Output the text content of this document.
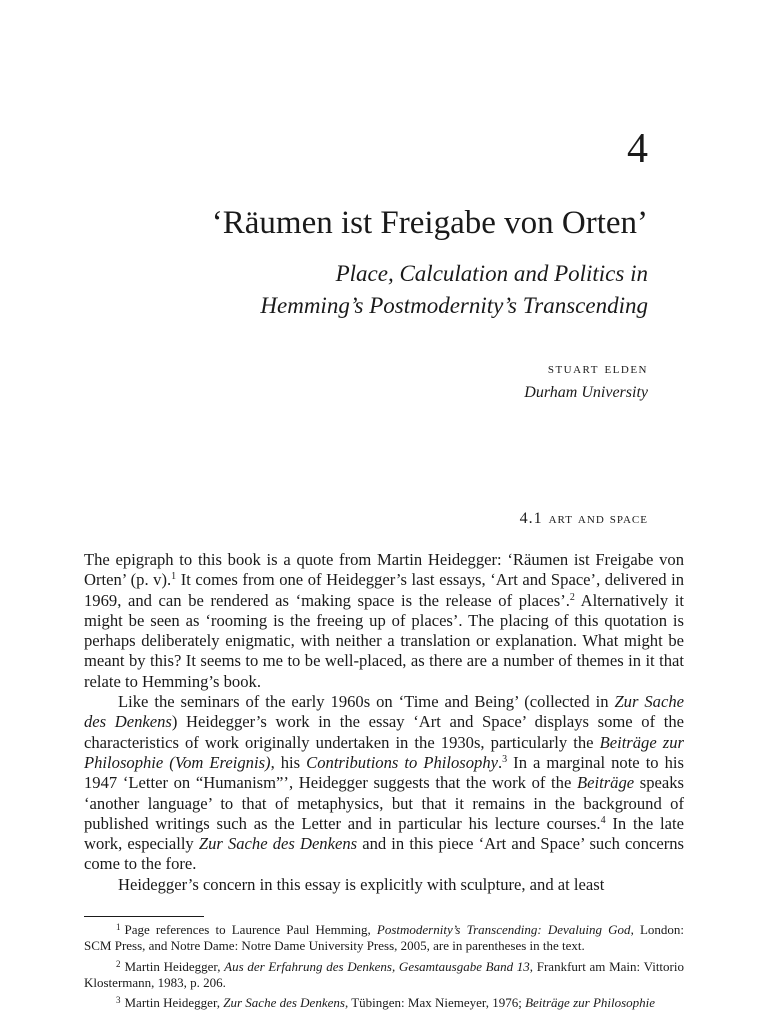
4
‘Räumen ist Freigabe von Orten’
Place, Calculation and Politics in
Hemming’s Postmodernity’s Transcending
stuart elden
Durham University
4.1 art and space

The epigraph to this book is a quote from Martin Heidegger: ‘Räumen ist Freigabe von Orten’ (p. v).$^1$ It comes from one of Heidegger’s last essays, ‘Art and Space’, delivered in 1969, and can be rendered as ‘making space is the release of places’.$^2$ Alternatively it might be seen as ‘rooming is the freeing up of places’. The placing of this quotation is perhaps deliberately enigmatic, with neither a translation or explanation. What might be meant by this? It seems to me to be well-placed, as there are a number of themes in it that relate to Hemming’s book.

Like the seminars of the early 1960s on ‘Time and Being’ (collected in Zur Sache des Denkens) Heidegger’s work in the essay ‘Art and Space’ displays some of the characteristics of work originally undertaken in the 1930s, particularly the Beiträge zur Philosophie (Vom Ereignis), his Contributions to Philosophy.$^3$ In a marginal note to his 1947 ‘Letter on “Humanism”’, Heidegger suggests that the work of the Beiträge speaks ‘another language’ to that of metaphysics, but that it remains in the background of published writings such as the Letter and in particular his lecture courses.$^4$ In the late work, especially Zur Sache des Denkens and in this piece ‘Art and Space’ such concerns come to the fore.

Heidegger’s concern in this essay is explicitly with sculpture, and at least

$^1$ Page references to Laurence Paul Hemming, Postmodernity’s Transcending: Devaluing God, London: SCM Press, and Notre Dame: Notre Dame University Press, 2005, are in parentheses in the text.

$^2$ Martin Heidegger, Aus der Erfahrung des Denkens, Gesamtausgabe Band 13, Frankfurt am Main: Vittorio Klostermann, 1983, p. 206.

$^3$ Martin Heidegger, Zur Sache des Denkens, Tübingen: Max Niemeyer, 1976; Beiträge zur Philosophie
